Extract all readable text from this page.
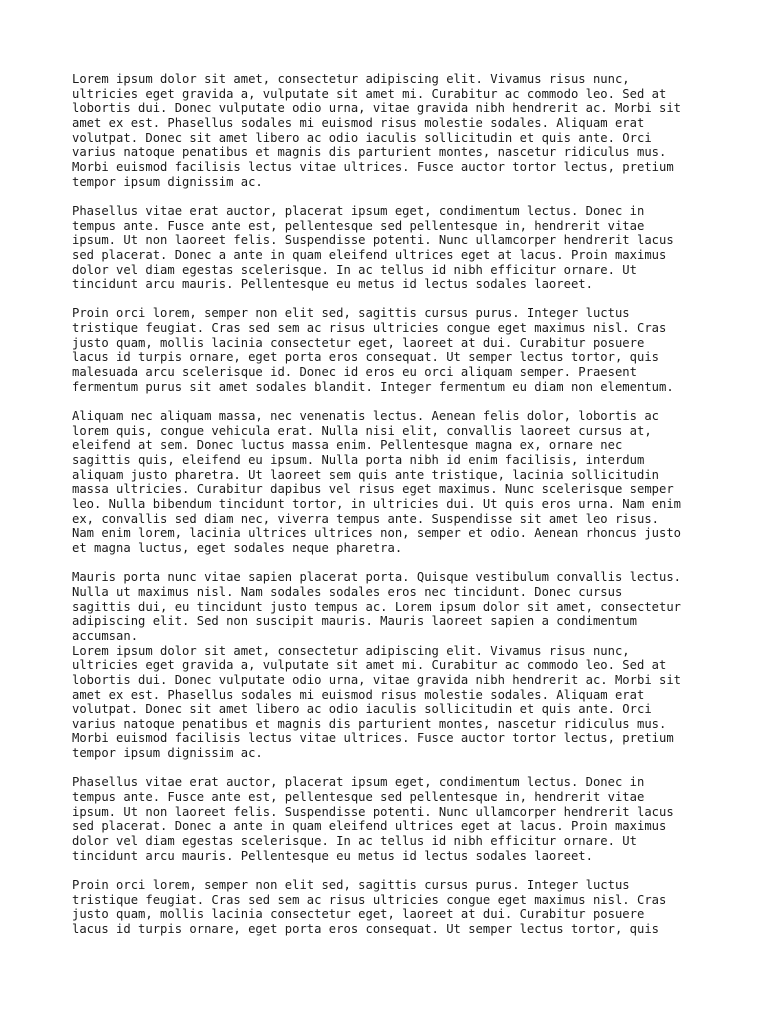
Lorem ipsum dolor sit amet, consectetur adipiscing elit. Vivamus risus nunc,
ultricies eget gravida a, vulputate sit amet mi. Curabitur ac commodo leo. Sed at
lobortis dui. Donec vulputate odio urna, vitae gravida nibh hendrerit ac. Morbi sit
amet ex est. Phasellus sodales mi euismod risus molestie sodales. Aliquam erat
volutpat. Donec sit amet libero ac odio iaculis sollicitudin et quis ante. Orci
varius natoque penatibus et magnis dis parturient montes, nascetur ridiculus mus.
Morbi euismod facilisis lectus vitae ultrices. Fusce auctor tortor lectus, pretium
tempor ipsum dignissim ac.

Phasellus vitae erat auctor, placerat ipsum eget, condimentum lectus. Donec in
tempus ante. Fusce ante est, pellentesque sed pellentesque in, hendrerit vitae
ipsum. Ut non laoreet felis. Suspendisse potenti. Nunc ullamcorper hendrerit lacus
sed placerat. Donec a ante in quam eleifend ultrices eget at lacus. Proin maximus
dolor vel diam egestas scelerisque. In ac tellus id nibh efficitur ornare. Ut
tincidunt arcu mauris. Pellentesque eu metus id lectus sodales laoreet.

Proin orci lorem, semper non elit sed, sagittis cursus purus. Integer luctus
tristique feugiat. Cras sed sem ac risus ultricies congue eget maximus nisl. Cras
justo quam, mollis lacinia consectetur eget, laoreet at dui. Curabitur posuere
lacus id turpis ornare, eget porta eros consequat. Ut semper lectus tortor, quis
malesuada arcu scelerisque id. Donec id eros eu orci aliquam semper. Praesent
fermentum purus sit amet sodales blandit. Integer fermentum eu diam non elementum.

Aliquam nec aliquam massa, nec venenatis lectus. Aenean felis dolor, lobortis ac
lorem quis, congue vehicula erat. Nulla nisi elit, convallis laoreet cursus at,
eleifend at sem. Donec luctus massa enim. Pellentesque magna ex, ornare nec
sagittis quis, eleifend eu ipsum. Nulla porta nibh id enim facilisis, interdum
aliquam justo pharetra. Ut laoreet sem quis ante tristique, lacinia sollicitudin
massa ultricies. Curabitur dapibus vel risus eget maximus. Nunc scelerisque semper
leo. Nulla bibendum tincidunt tortor, in ultricies dui. Ut quis eros urna. Nam enim
ex, convallis sed diam nec, viverra tempus ante. Suspendisse sit amet leo risus.
Nam enim lorem, lacinia ultrices ultrices non, semper et odio. Aenean rhoncus justo
et magna luctus, eget sodales neque pharetra.

Mauris porta nunc vitae sapien placerat porta. Quisque vestibulum convallis lectus.
Nulla ut maximus nisl. Nam sodales sodales eros nec tincidunt. Donec cursus
sagittis dui, eu tincidunt justo tempus ac. Lorem ipsum dolor sit amet, consectetur
adipiscing elit. Sed non suscipit mauris. Mauris laoreet sapien a condimentum
accumsan.

Lorem ipsum dolor sit amet, consectetur adipiscing elit. Vivamus risus nunc,
ultricies eget gravida a, vulputate sit amet mi. Curabitur ac commodo leo. Sed at
lobortis dui. Donec vulputate odio urna, vitae gravida nibh hendrerit ac. Morbi sit
amet ex est. Phasellus sodales mi euismod risus molestie sodales. Aliquam erat
volutpat. Donec sit amet libero ac odio iaculis sollicitudin et quis ante. Orci
varius natoque penatibus et magnis dis parturient montes, nascetur ridiculus mus.
Morbi euismod facilisis lectus vitae ultrices. Fusce auctor tortor lectus, pretium
tempor ipsum dignissim ac.

Phasellus vitae erat auctor, placerat ipsum eget, condimentum lectus. Donec in
tempus ante. Fusce ante est, pellentesque sed pellentesque in, hendrerit vitae
ipsum. Ut non laoreet felis. Suspendisse potenti. Nunc ullamcorper hendrerit lacus
sed placerat. Donec a ante in quam eleifend ultrices eget at lacus. Proin maximus
dolor vel diam egestas scelerisque. In ac tellus id nibh efficitur ornare. Ut
tincidunt arcu mauris. Pellentesque eu metus id lectus sodales laoreet.

Proin orci lorem, semper non elit sed, sagittis cursus purus. Integer luctus
tristique feugiat. Cras sed sem ac risus ultricies congue eget maximus nisl. Cras
justo quam, mollis lacinia consectetur eget, laoreet at dui. Curabitur posuere
lacus id turpis ornare, eget porta eros consequat. Ut semper lectus tortor, quis
